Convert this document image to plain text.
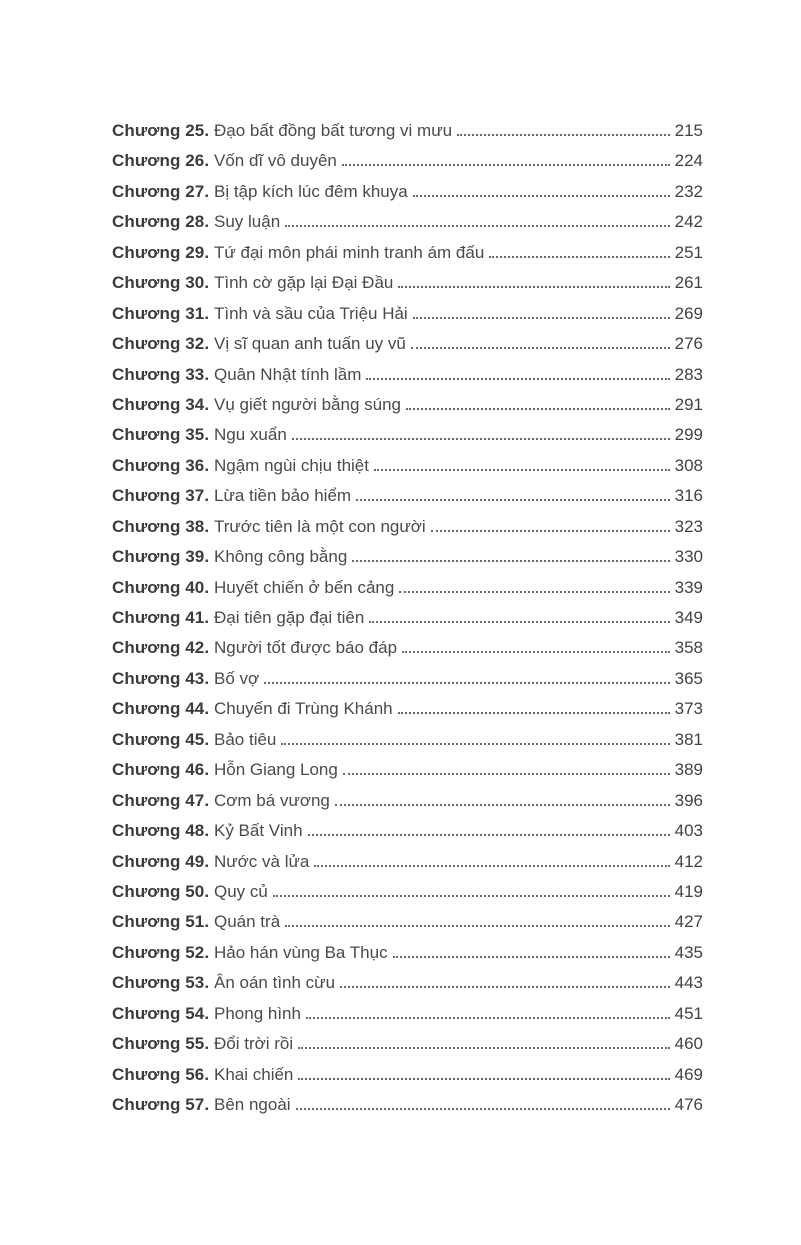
Chương 25. Đạo bất đồng bất tương vi mưu	215
Chương 26. Vốn dĩ vô duyên	224
Chương 27. Bị tập kích lúc đêm khuya	232
Chương 28. Suy luận	242
Chương 29. Tứ đại môn phái minh tranh ám đấu	251
Chương 30. Tình cờ gặp lại Đại Đầu	261
Chương 31. Tình và sầu của Triệu Hải	269
Chương 32. Vị sĩ quan anh tuấn uy vũ	276
Chương 33. Quân Nhật tính lầm	283
Chương 34. Vụ giết người bằng súng	291
Chương 35. Ngu xuẩn	299
Chương 36. Ngậm ngùi chịu thiệt	308
Chương 37. Lừa tiền bảo hiểm	316
Chương 38. Trước tiên là một con người	323
Chương 39. Không công bằng	330
Chương 40. Huyết chiến ở bến cảng	339
Chương 41. Đại tiên gặp đại tiên	349
Chương 42. Người tốt được báo đáp	358
Chương 43. Bố vợ	365
Chương 44. Chuyến đi Trùng Khánh	373
Chương 45. Bảo tiêu	381
Chương 46. Hỗn Giang Long	389
Chương 47. Cơm bá vương	396
Chương 48. Kỷ Bất Vinh	403
Chương 49. Nước và lửa	412
Chương 50. Quy củ	419
Chương 51. Quán trà	427
Chương 52. Hảo hán vùng Ba Thục	435
Chương 53. Ân oán tình cừu	443
Chương 54. Phong hình	451
Chương 55. Đổi trời rồi	460
Chương 56. Khai chiến	469
Chương 57. Bên ngoài	476
